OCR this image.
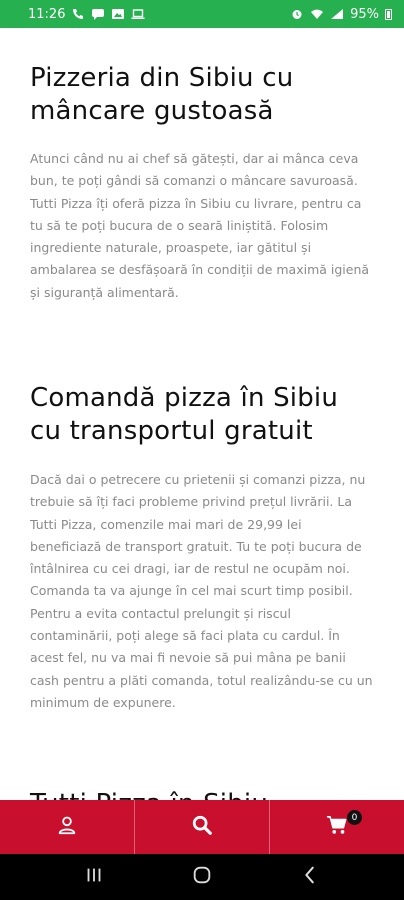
11:26	95%
Pizzeria din Sibiu cu mâncare gustoasă

Atunci când nu ai chef să gătești, dar ai mânca ceva bun, te poți gândi să comanzi o mâncare savuroasă. Tutti Pizza îți oferă pizza în Sibiu cu livrare, pentru ca tu să te poți bucura de o seară liniștită. Folosim ingrediente naturale, proaspete, iar gătitul și ambalarea se desfășoară în condiții de maximă igienă și siguranță alimentară.

Comandă pizza în Sibiu cu transportul gratuit

Dacă dai o petrecere cu prietenii și comanzi pizza, nu trebuie să îți faci probleme privind prețul livrării. La Tutti Pizza, comenzile mai mari de 29,99 lei beneficiază de transport gratuit. Tu te poți bucura de întâlnirea cu cei dragi, iar de restul ne ocupăm noi. Comanda ta va ajunge în cel mai scurt timp posibil. Pentru a evita contactul prelungit și riscul contaminării, poți alege să faci plata cu cardul. În acest fel, nu va mai fi nevoie să pui mâna pe banii cash pentru a plăti comanda, totul realizându-se cu un minimum de expunere.

0
